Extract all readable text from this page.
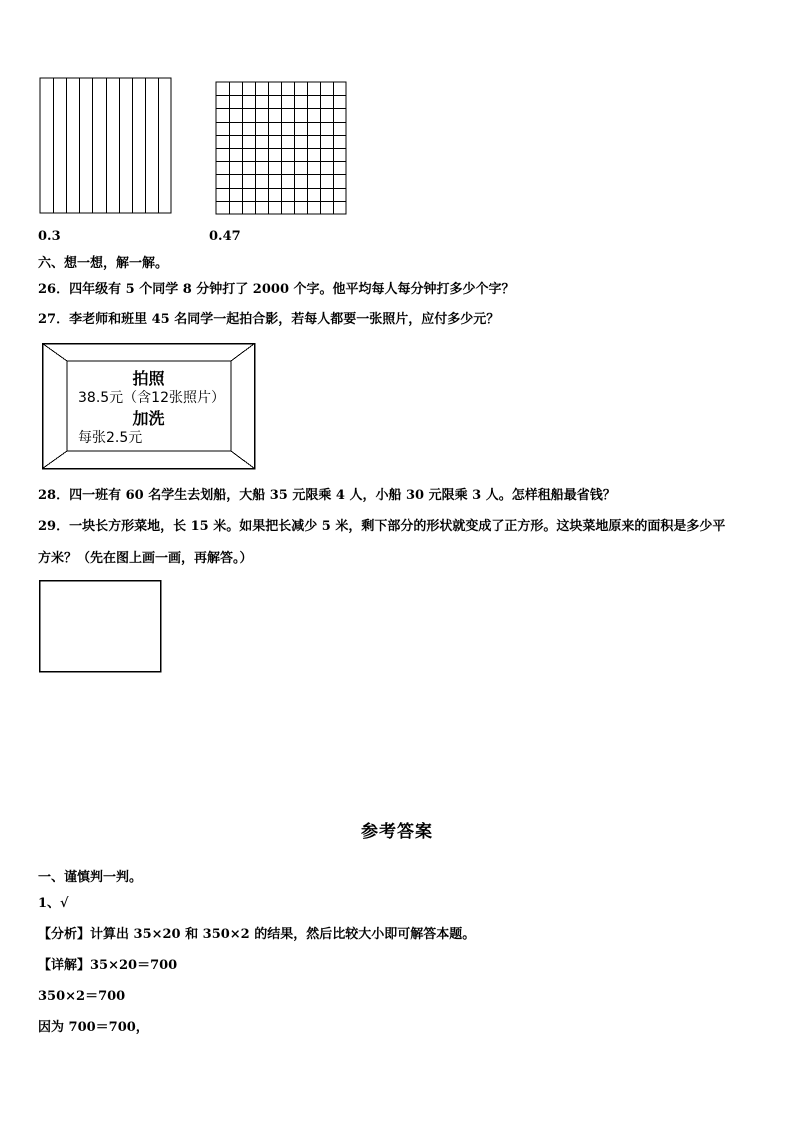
0.3	0.47
六、想一想，解一解。
26．四年级有 5 个同学 8 分钟打了 2000 个字。他平均每人每分钟打多少个字？
27．李老师和班里 45 名同学一起拍合影，若每人都要一张照片，应付多少元？
拍照
38.5元（含12张照片）
加洗
每张2.5元
28．四一班有 60 名学生去划船，大船 35 元限乘 4 人，小船 30 元限乘 3 人。怎样租船最省钱？
29．一块长方形菜地，长 15 米。如果把长减少 5 米，剩下部分的形状就变成了正方形。这块菜地原来的面积是多少平
方米？（先在图上画一画，再解答。）
参考答案
一、谨慎判一判。
1、√
【分析】计算出 35×20 和 350×2 的结果，然后比较大小即可解答本题。
【详解】35×20＝700
350×2＝700
因为 700＝700，
